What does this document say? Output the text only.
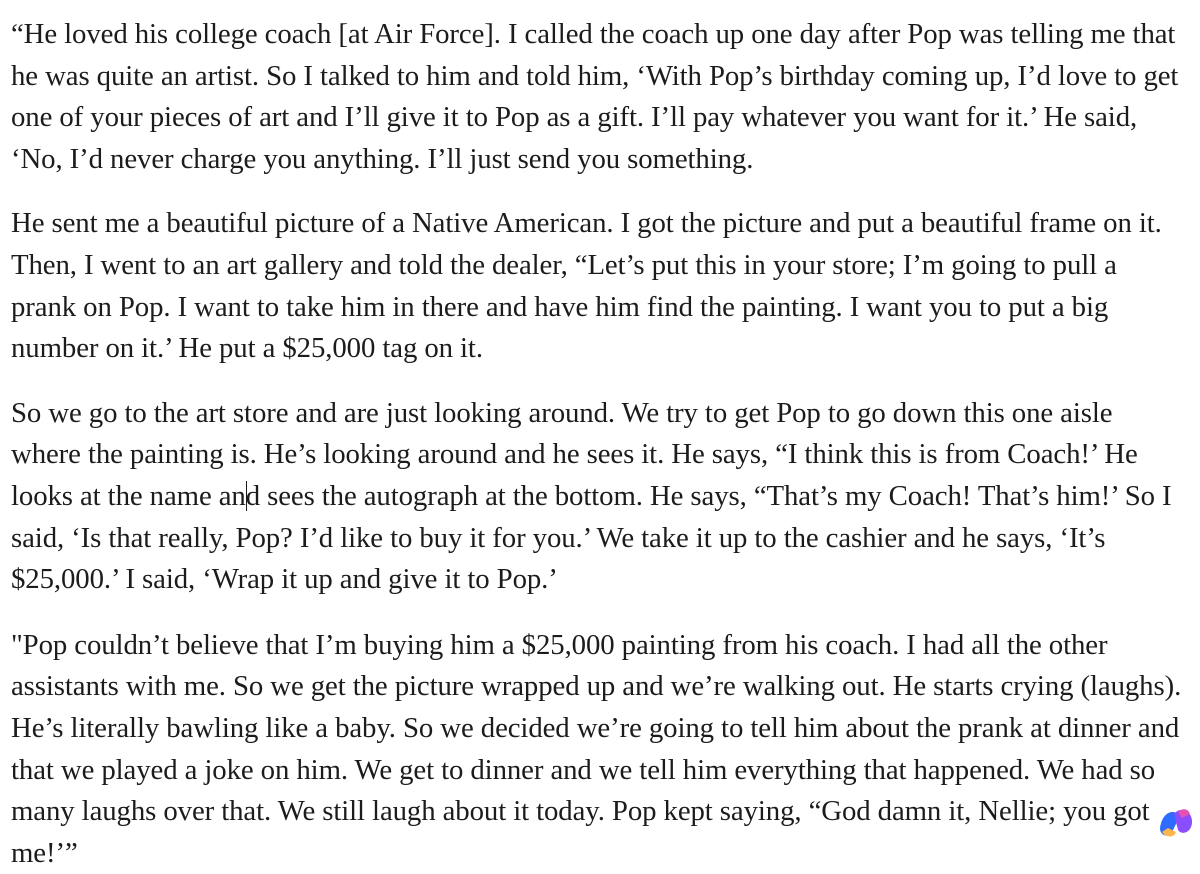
“He loved his college coach [at Air Force]. I called the coach up one day after Pop was telling me that he was quite an artist. So I talked to him and told him, ‘With Pop’s birthday coming up, I’d love to get one of your pieces of art and I’ll give it to Pop as a gift. I’ll pay whatever you want for it.’ He said, ‘No, I’d never charge you anything. I’ll just send you something.

He sent me a beautiful picture of a Native American. I got the picture and put a beautiful frame on it. Then, I went to an art gallery and told the dealer, “Let’s put this in your store; I’m going to pull a prank on Pop. I want to take him in there and have him find the painting. I want you to put a big number on it.’ He put a $25,000 tag on it.

So we go to the art store and are just looking around. We try to get Pop to go down this one aisle where the painting is. He’s looking around and he sees it. He says, “I think this is from Coach!’ He looks at the name and sees the autograph at the bottom. He says, “That’s my Coach! That’s him!’ So I said, ‘Is that really, Pop? I’d like to buy it for you.’ We take it up to the cashier and he says, ‘It’s $25,000.’ I said, ‘Wrap it up and give it to Pop.’

"Pop couldn’t believe that I’m buying him a $25,000 painting from his coach. I had all the other assistants with me. So we get the picture wrapped up and we’re walking out. He starts crying (laughs). He’s literally bawling like a baby. So we decided we’re going to tell him about the prank at dinner and that we played a joke on him. We get to dinner and we tell him everything that happened. We had so many laughs over that. We still laugh about it today. Pop kept saying, “God damn it, Nellie; you got me!’”
